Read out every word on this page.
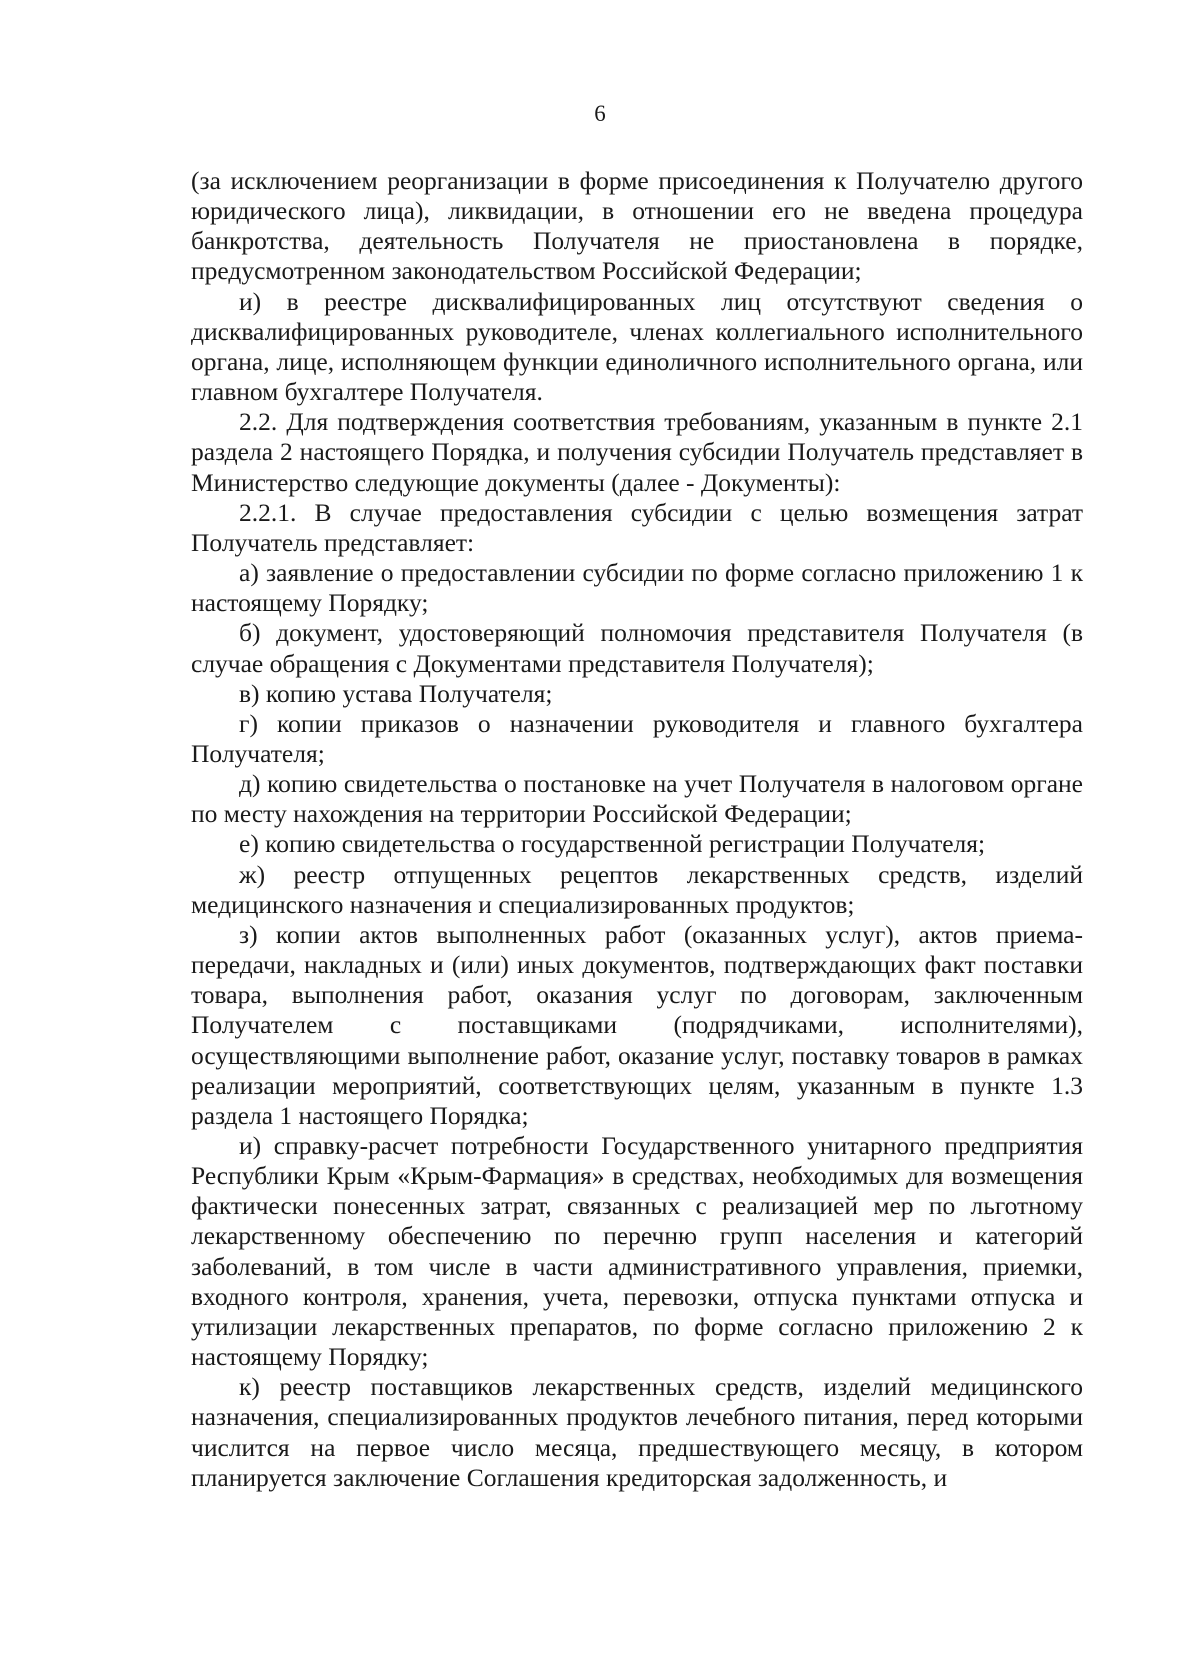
6

(за исключением реорганизации в форме присоединения к Получателю другого юридического лица), ликвидации, в отношении его не введена процедура банкротства, деятельность Получателя не приостановлена в порядке, предусмотренном законодательством Российской Федерации;

и) в реестре дисквалифицированных лиц отсутствуют сведения о дисквалифицированных руководителе, членах коллегиального исполнительного органа, лице, исполняющем функции единоличного исполнительного органа, или главном бухгалтере Получателя.

2.2. Для подтверждения соответствия требованиям, указанным в пункте 2.1 раздела 2 настоящего Порядка, и получения субсидии Получатель представляет в Министерство следующие документы (далее - Документы):

2.2.1. В случае предоставления субсидии с целью возмещения затрат Получатель представляет:

а) заявление о предоставлении субсидии по форме согласно приложению 1 к настоящему Порядку;

б) документ, удостоверяющий полномочия представителя Получателя (в случае обращения с Документами представителя Получателя);

в) копию устава Получателя;

г) копии приказов о назначении руководителя и главного бухгалтера Получателя;

д) копию свидетельства о постановке на учет Получателя в налоговом органе по месту нахождения на территории Российской Федерации;

е) копию свидетельства о государственной регистрации Получателя;

ж) реестр отпущенных рецептов лекарственных средств, изделий медицинского назначения и специализированных продуктов;

з) копии актов выполненных работ (оказанных услуг), актов приема-передачи, накладных и (или) иных документов, подтверждающих факт поставки товара, выполнения работ, оказания услуг по договорам, заключенным Получателем с поставщиками (подрядчиками, исполнителями), осуществляющими выполнение работ, оказание услуг, поставку товаров в рамках реализации мероприятий, соответствующих целям, указанным в пункте 1.3 раздела 1 настоящего Порядка;

и) справку-расчет потребности Государственного унитарного предприятия Республики Крым «Крым-Фармация» в средствах, необходимых для возмещения фактически понесенных затрат, связанных с реализацией мер по льготному лекарственному обеспечению по перечню групп населения и категорий заболеваний, в том числе в части административного управления, приемки, входного контроля, хранения, учета, перевозки, отпуска пунктами отпуска и утилизации лекарственных препаратов, по форме согласно приложению 2 к настоящему Порядку;

к) реестр поставщиков лекарственных средств, изделий медицинского назначения, специализированных продуктов лечебного питания, перед которыми числится на первое число месяца, предшествующего месяцу, в котором планируется заключение Соглашения кредиторская задолженность, и
